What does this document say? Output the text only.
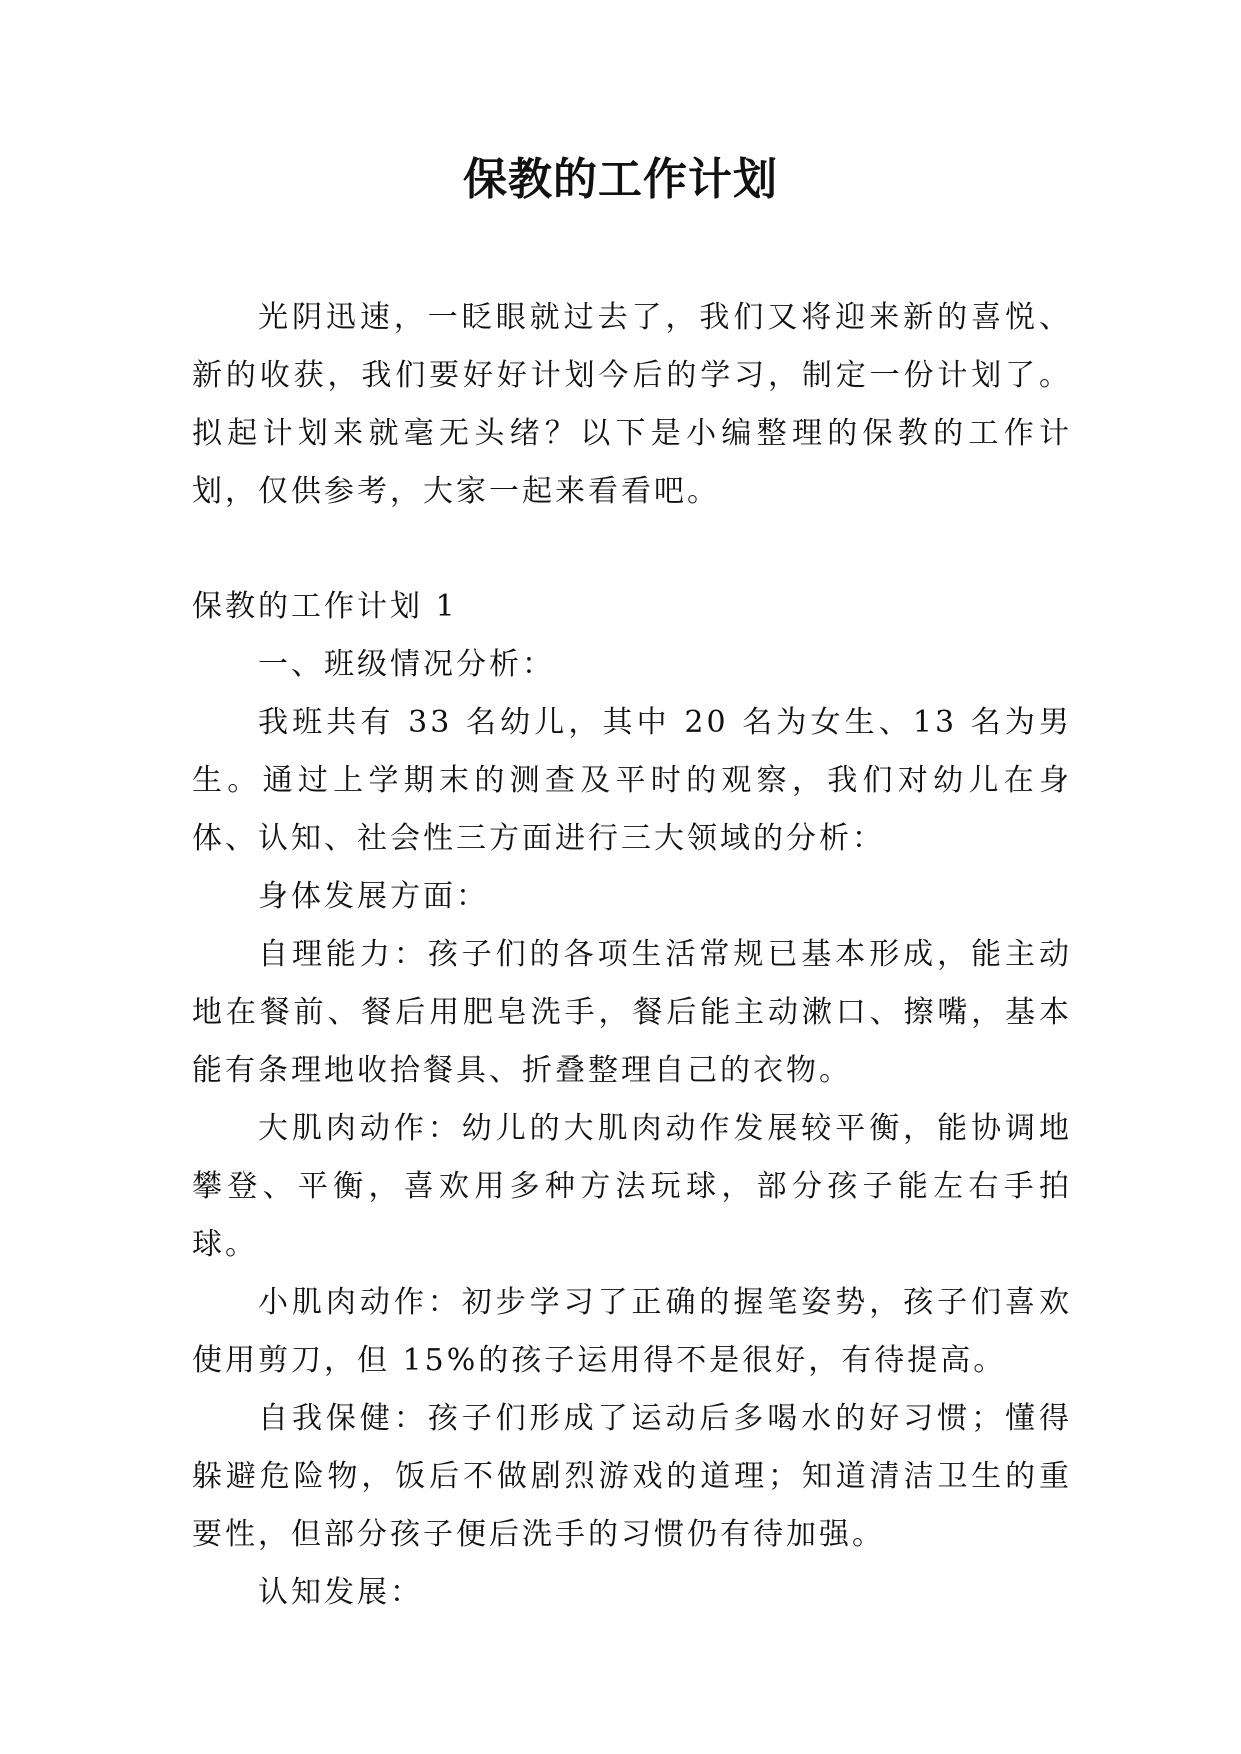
保教的工作计划

光阴迅速，一眨眼就过去了，我们又将迎来新的喜悦、新的收获，我们要好好计划今后的学习，制定一份计划了。拟起计划来就毫无头绪？以下是小编整理的保教的工作计划，仅供参考，大家一起来看看吧。

保教的工作计划 1

一、班级情况分析：

我班共有 33 名幼儿，其中 20 名为女生、13 名为男生。通过上学期末的测查及平时的观察，我们对幼儿在身体、认知、社会性三方面进行三大领域的分析：

身体发展方面：

自理能力：孩子们的各项生活常规已基本形成，能主动地在餐前、餐后用肥皂洗手，餐后能主动漱口、擦嘴，基本能有条理地收拾餐具、折叠整理自己的衣物。

大肌肉动作：幼儿的大肌肉动作发展较平衡，能协调地攀登、平衡，喜欢用多种方法玩球，部分孩子能左右手拍球。

小肌肉动作：初步学习了正确的握笔姿势，孩子们喜欢使用剪刀，但 15%的孩子运用得不是很好，有待提高。

自我保健：孩子们形成了运动后多喝水的好习惯；懂得躲避危险物，饭后不做剧烈游戏的道理；知道清洁卫生的重要性，但部分孩子便后洗手的习惯仍有待加强。

认知发展：
